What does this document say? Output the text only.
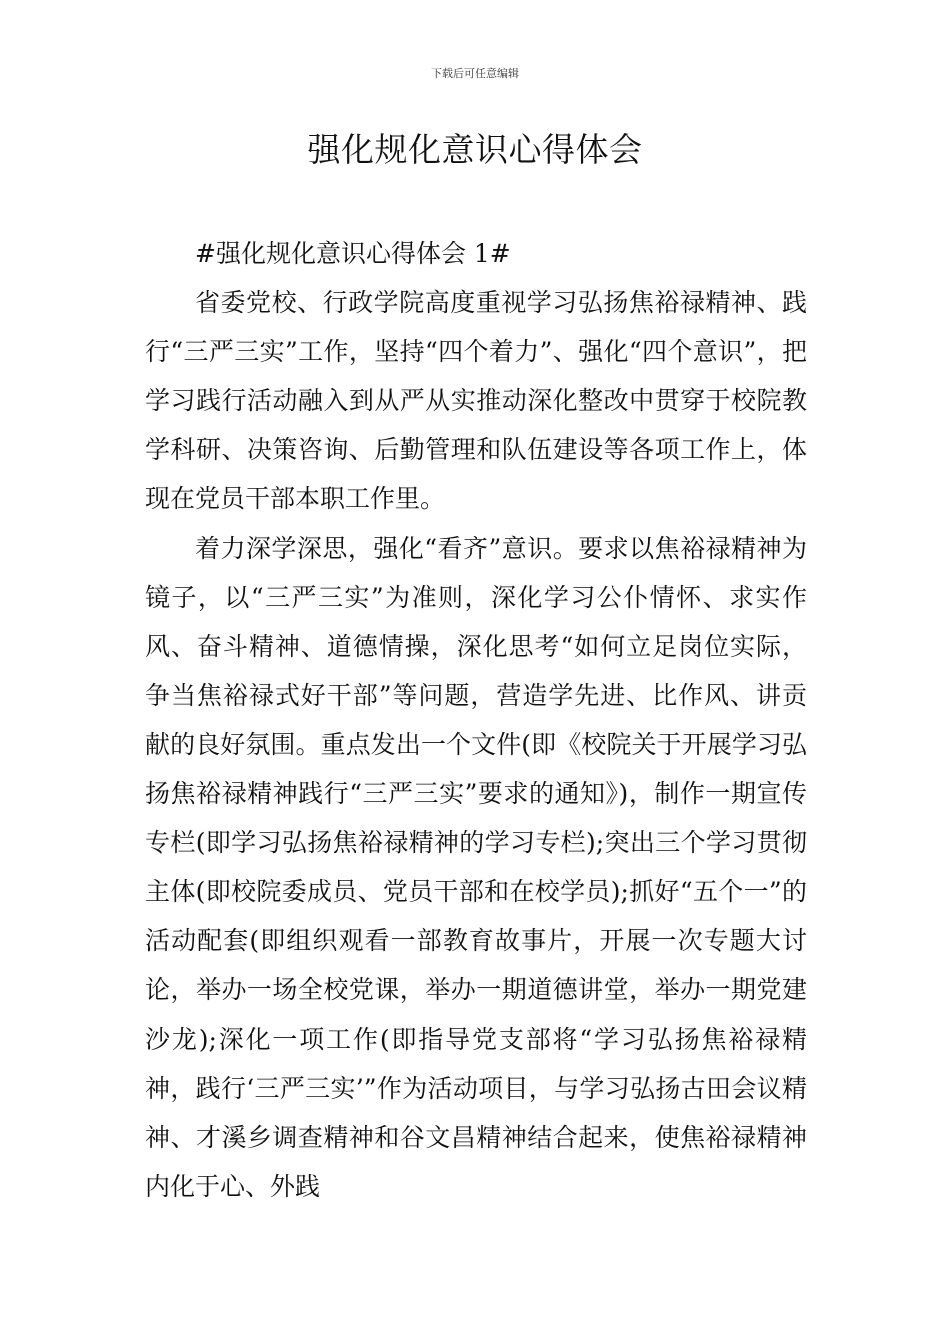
下载后可任意编辑
强化规化意识心得体会

#强化规化意识心得体会 1#

省委党校、行政学院高度重视学习弘扬焦裕禄精神、践行“三严三实”工作，坚持“四个着力”、强化“四个意识”，把学习践行活动融入到从严从实推动深化整改中贯穿于校院教学科研、决策咨询、后勤管理和队伍建设等各项工作上，体现在党员干部本职工作里。

着力深学深思，强化“看齐”意识。要求以焦裕禄精神为镜子，以“三严三实”为准则，深化学习公仆情怀、求实作风、奋斗精神、道德情操，深化思考“如何立足岗位实际，争当焦裕禄式好干部”等问题，营造学先进、比作风、讲贡献的良好氛围。重点发出一个文件(即《校院关于开展学习弘扬焦裕禄精神践行“三严三实”要求的通知》)，制作一期宣传专栏(即学习弘扬焦裕禄精神的学习专栏);突出三个学习贯彻主体(即校院委成员、党员干部和在校学员);抓好“五个一”的活动配套(即组织观看一部教育故事片，开展一次专题大讨论，举办一场全校党课，举办一期道德讲堂，举办一期党建沙龙);深化一项工作(即指导党支部将“学习弘扬焦裕禄精神，践行‘三严三实’”作为活动项目，与学习弘扬古田会议精神、才溪乡调查精神和谷文昌精神结合起来，使焦裕禄精神内化于心、外践
